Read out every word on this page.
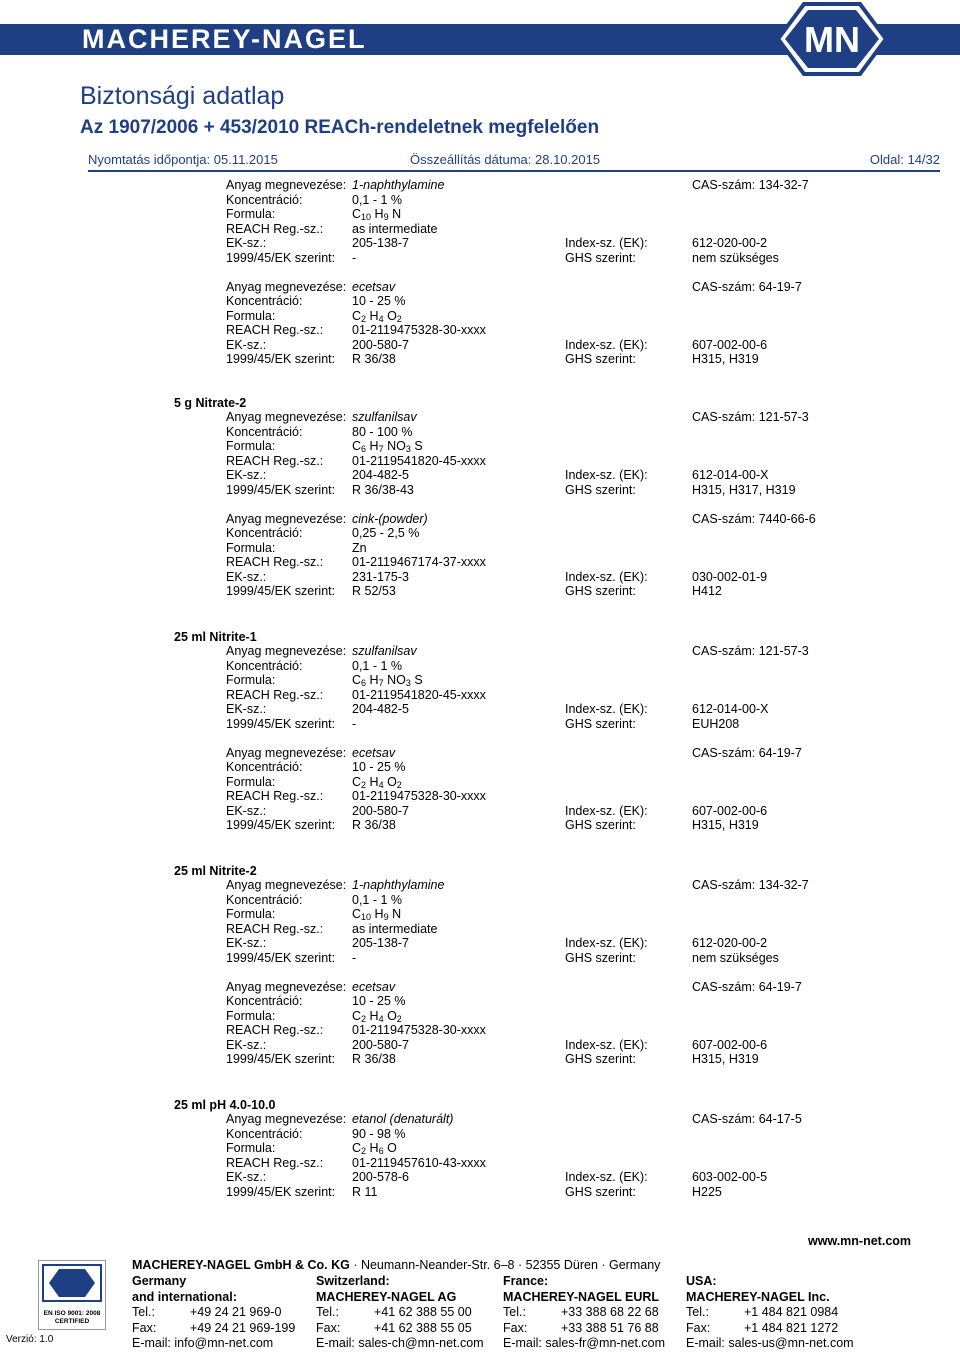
MACHEREY-NAGEL	MN
Biztonsági adatlap
Az 1907/2006 + 453/2010 REACh-rendeletnek megfelelően
Nyomtatás időpontja: 05.11.2015	Összeállítás dátuma: 28.10.2015	Oldal: 14/32
Anyag megnevezése: 1-naphthylamine	CAS-szám: 134-32-7
Koncentráció:	0,1 - 1 %
Formula:	$C_{10}$ $H_9$ N
REACH Reg.-sz.: as intermediate
EK-sz.:	205-138-7	Index-sz. (EK):	612-020-00-2
1999/45/EK szerint: -	GHS szerint:	nem szükséges
Anyag megnevezése: ecetsav	CAS-szám: 64-19-7
Koncentráció:	10 - 25 %
Formula:	$C_2$ $H_4$ $O_2$
REACH Reg.-sz.: 01-2119475328-30-xxxx
EK-sz.:	200-580-7	Index-sz. (EK):	607-002-00-6
1999/45/EK szerint: R 36/38	GHS szerint:	H315, H319
5 g Nitrate-2
Anyag megnevezése: szulfanilsav	CAS-szám: 121-57-3
Koncentráció:	80 - 100 %
Formula:	$C_6$ $H_7$ $NO_3$ S
REACH Reg.-sz.: 01-2119541820-45-xxxx
EK-sz.:	204-482-5	Index-sz. (EK):	612-014-00-X
1999/45/EK szerint: R 36/38-43	GHS szerint:	H315, H317, H319
Anyag megnevezése: cink-(powder)	CAS-szám: 7440-66-6
Koncentráció:	0,25 - 2,5 %
Formula:	Zn
REACH Reg.-sz.: 01-2119467174-37-xxxx
EK-sz.:	231-175-3	Index-sz. (EK):	030-002-01-9
1999/45/EK szerint: R 52/53	GHS szerint:	H412
25 ml Nitrite-1
Anyag megnevezése: szulfanilsav	CAS-szám: 121-57-3
Koncentráció:	0,1 - 1 %
Formula:	$C_6$ $H_7$ $NO_3$ S
REACH Reg.-sz.: 01-2119541820-45-xxxx
EK-sz.:	204-482-5	Index-sz. (EK):	612-014-00-X
1999/45/EK szerint: -	GHS szerint:	EUH208
Anyag megnevezése: ecetsav	CAS-szám: 64-19-7
Koncentráció:	10 - 25 %
Formula:	$C_2$ $H_4$ $O_2$
REACH Reg.-sz.: 01-2119475328-30-xxxx
EK-sz.:	200-580-7	Index-sz. (EK):	607-002-00-6
1999/45/EK szerint: R 36/38	GHS szerint:	H315, H319
25 ml Nitrite-2
Anyag megnevezése: 1-naphthylamine	CAS-szám: 134-32-7
Koncentráció:	0,1 - 1 %
Formula:	$C_{10}$ $H_9$ N
REACH Reg.-sz.: as intermediate
EK-sz.:	205-138-7	Index-sz. (EK):	612-020-00-2
1999/45/EK szerint: -	GHS szerint:	nem szükséges
Anyag megnevezése: ecetsav	CAS-szám: 64-19-7
Koncentráció:	10 - 25 %
Formula:	$C_2$ $H_4$ $O_2$
REACH Reg.-sz.: 01-2119475328-30-xxxx
EK-sz.:	200-580-7	Index-sz. (EK):	607-002-00-6
1999/45/EK szerint: R 36/38	GHS szerint:	H315, H319
25 ml pH 4.0-10.0
Anyag megnevezése: etanol (denaturált)	CAS-szám: 64-17-5
Koncentráció:	90 - 98 %
Formula:	$C_2$ $H_6$ O
REACH Reg.-sz.: 01-2119457610-43-xxxx
EK-sz.:	200-578-6	Index-sz. (EK):	603-002-00-5
1999/45/EK szerint: R 11	GHS szerint:	H225
www.mn-net.com
MACHEREY-NAGEL GmbH & Co. KG · Neumann-Neander-Str. 6–8 · 52355 Düren · Germany
Germany
and international:
Tel.:	+49 24 21 969-0
Fax:	+49 24 21 969-199
E-mail: info@mn-net.com
Switzerland:
MACHEREY-NAGEL AG
Tel.:	+41 62 388 55 00
Fax:	+41 62 388 55 05
E-mail: sales-ch@mn-net.com
France:
MACHEREY-NAGEL EURL
Tel.:	+33 388 68 22 68
Fax:	+33 388 51 76 88
E-mail: sales-fr@mn-net.com
USA:
MACHEREY-NAGEL Inc.
Tel.:	+1 484 821 0984
Fax:	+1 484 821 1272
E-mail: sales-us@mn-net.com
EN ISO 9001: 2008 CERTIFIED
Verzió: 1.0
